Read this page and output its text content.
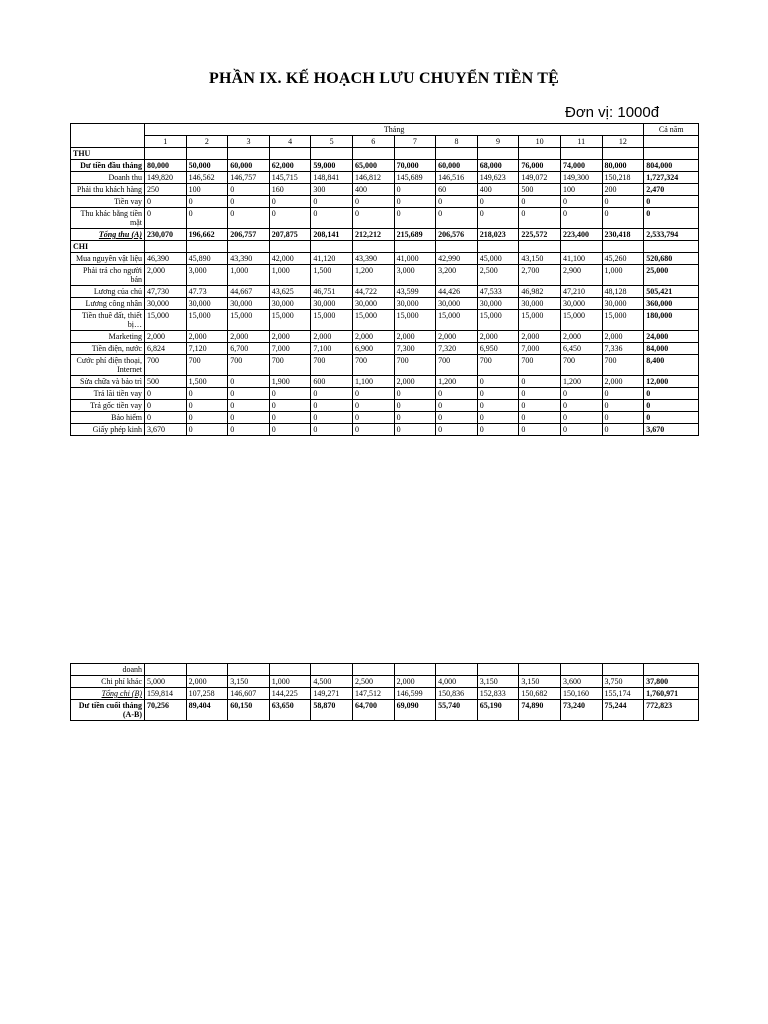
PHẦN IX. KẾ HOẠCH LƯU CHUYỂN TIỀN TỆ
Đơn vị: 1000đ
	Tháng												Cả năm
	1	2	3	4	5	6	7	8	9	10	11	12	
THU													
Dư tiền đầu tháng	80,000	50,000	60,000	62,000	59,000	65,000	70,000	60,000	68,000	76,000	74,000	80,000	804,000
Doanh thu	149,820	146,562	146,757	145,715	148,841	146,812	145,689	146,516	149,623	149,072	149,300	150,218	1,727,324
Phải thu khách hàng	250	100	0	160	300	400	0	60	400	500	100	200	2,470
Tiền vay	0	0	0	0	0	0	0	0	0	0	0	0	0
Thu khác bằng tiền mặt	0	0	0	0	0	0	0	0	0	0	0	0	0
Tổng thu (A)	230,070	196,662	206,757	207,875	208,141	212,212	215,689	206,576	218,023	225,572	223,400	230,418	2,533,794
CHI													
Mua nguyên vật liệu	46,390	45,890	43,390	42,000	41,120	43,390	41,000	42,990	45,000	43,150	41,100	45,260	520,680
Phải trả cho người bán	2,000	3,000	1,000	1,000	1,500	1,200	3,000	3,200	2,500	2,700	2,900	1,000	25,000
Lương của chủ	47,730	47.73	44,667	43,625	46,751	44,722	43,599	44,426	47,533	46,982	47,210	48,128	505,421
Lương công nhân	30,000	30,000	30,000	30,000	30,000	30,000	30,000	30,000	30,000	30,000	30,000	30,000	360,000
Tiền thuê đất, thiết bị…	15,000	15,000	15,000	15,000	15,000	15,000	15,000	15,000	15,000	15,000	15,000	15,000	180,000
Marketing	2,000	2,000	2,000	2,000	2,000	2,000	2,000	2,000	2,000	2,000	2,000	2,000	24,000
Tiền điện, nước	6,824	7,120	6,700	7,000	7,100	6,900	7,300	7,320	6,950	7,000	6,450	7,336	84,000
Cước phí điện thoại, Internet	700	700	700	700	700	700	700	700	700	700	700	700	8,400
Sửa chữa và bảo trì	500	1,500	0	1,900	600	1,100	2,000	1,200	0	0	1,200	2,000	12,000
Trả lãi tiền vay	0	0	0	0	0	0	0	0	0	0	0	0	0
Trả gốc tiền vay	0	0	0	0	0	0	0	0	0	0	0	0	0
Bảo hiểm	0	0	0	0	0	0	0	0	0	0	0	0	0
Giấy phép kinh	3,670	0	0	0	0	0	0	0	0	0	0	0	3,670
doanh													
Chi phí khác	5,000	2,000	3,150	1,000	4,500	2,500	2,000	4,000	3,150	3,150	3,600	3,750	37,800
Tổng chi (B)	159,814	107,258	146,607	144,225	149,271	147,512	146,599	150,836	152,833	150,682	150,160	155,174	1,760,971
Dư tiền cuối tháng (A-B)	70,256	89,404	60,150	63,650	58,870	64,700	69,090	55,740	65,190	74,890	73,240	75,244	772,823
